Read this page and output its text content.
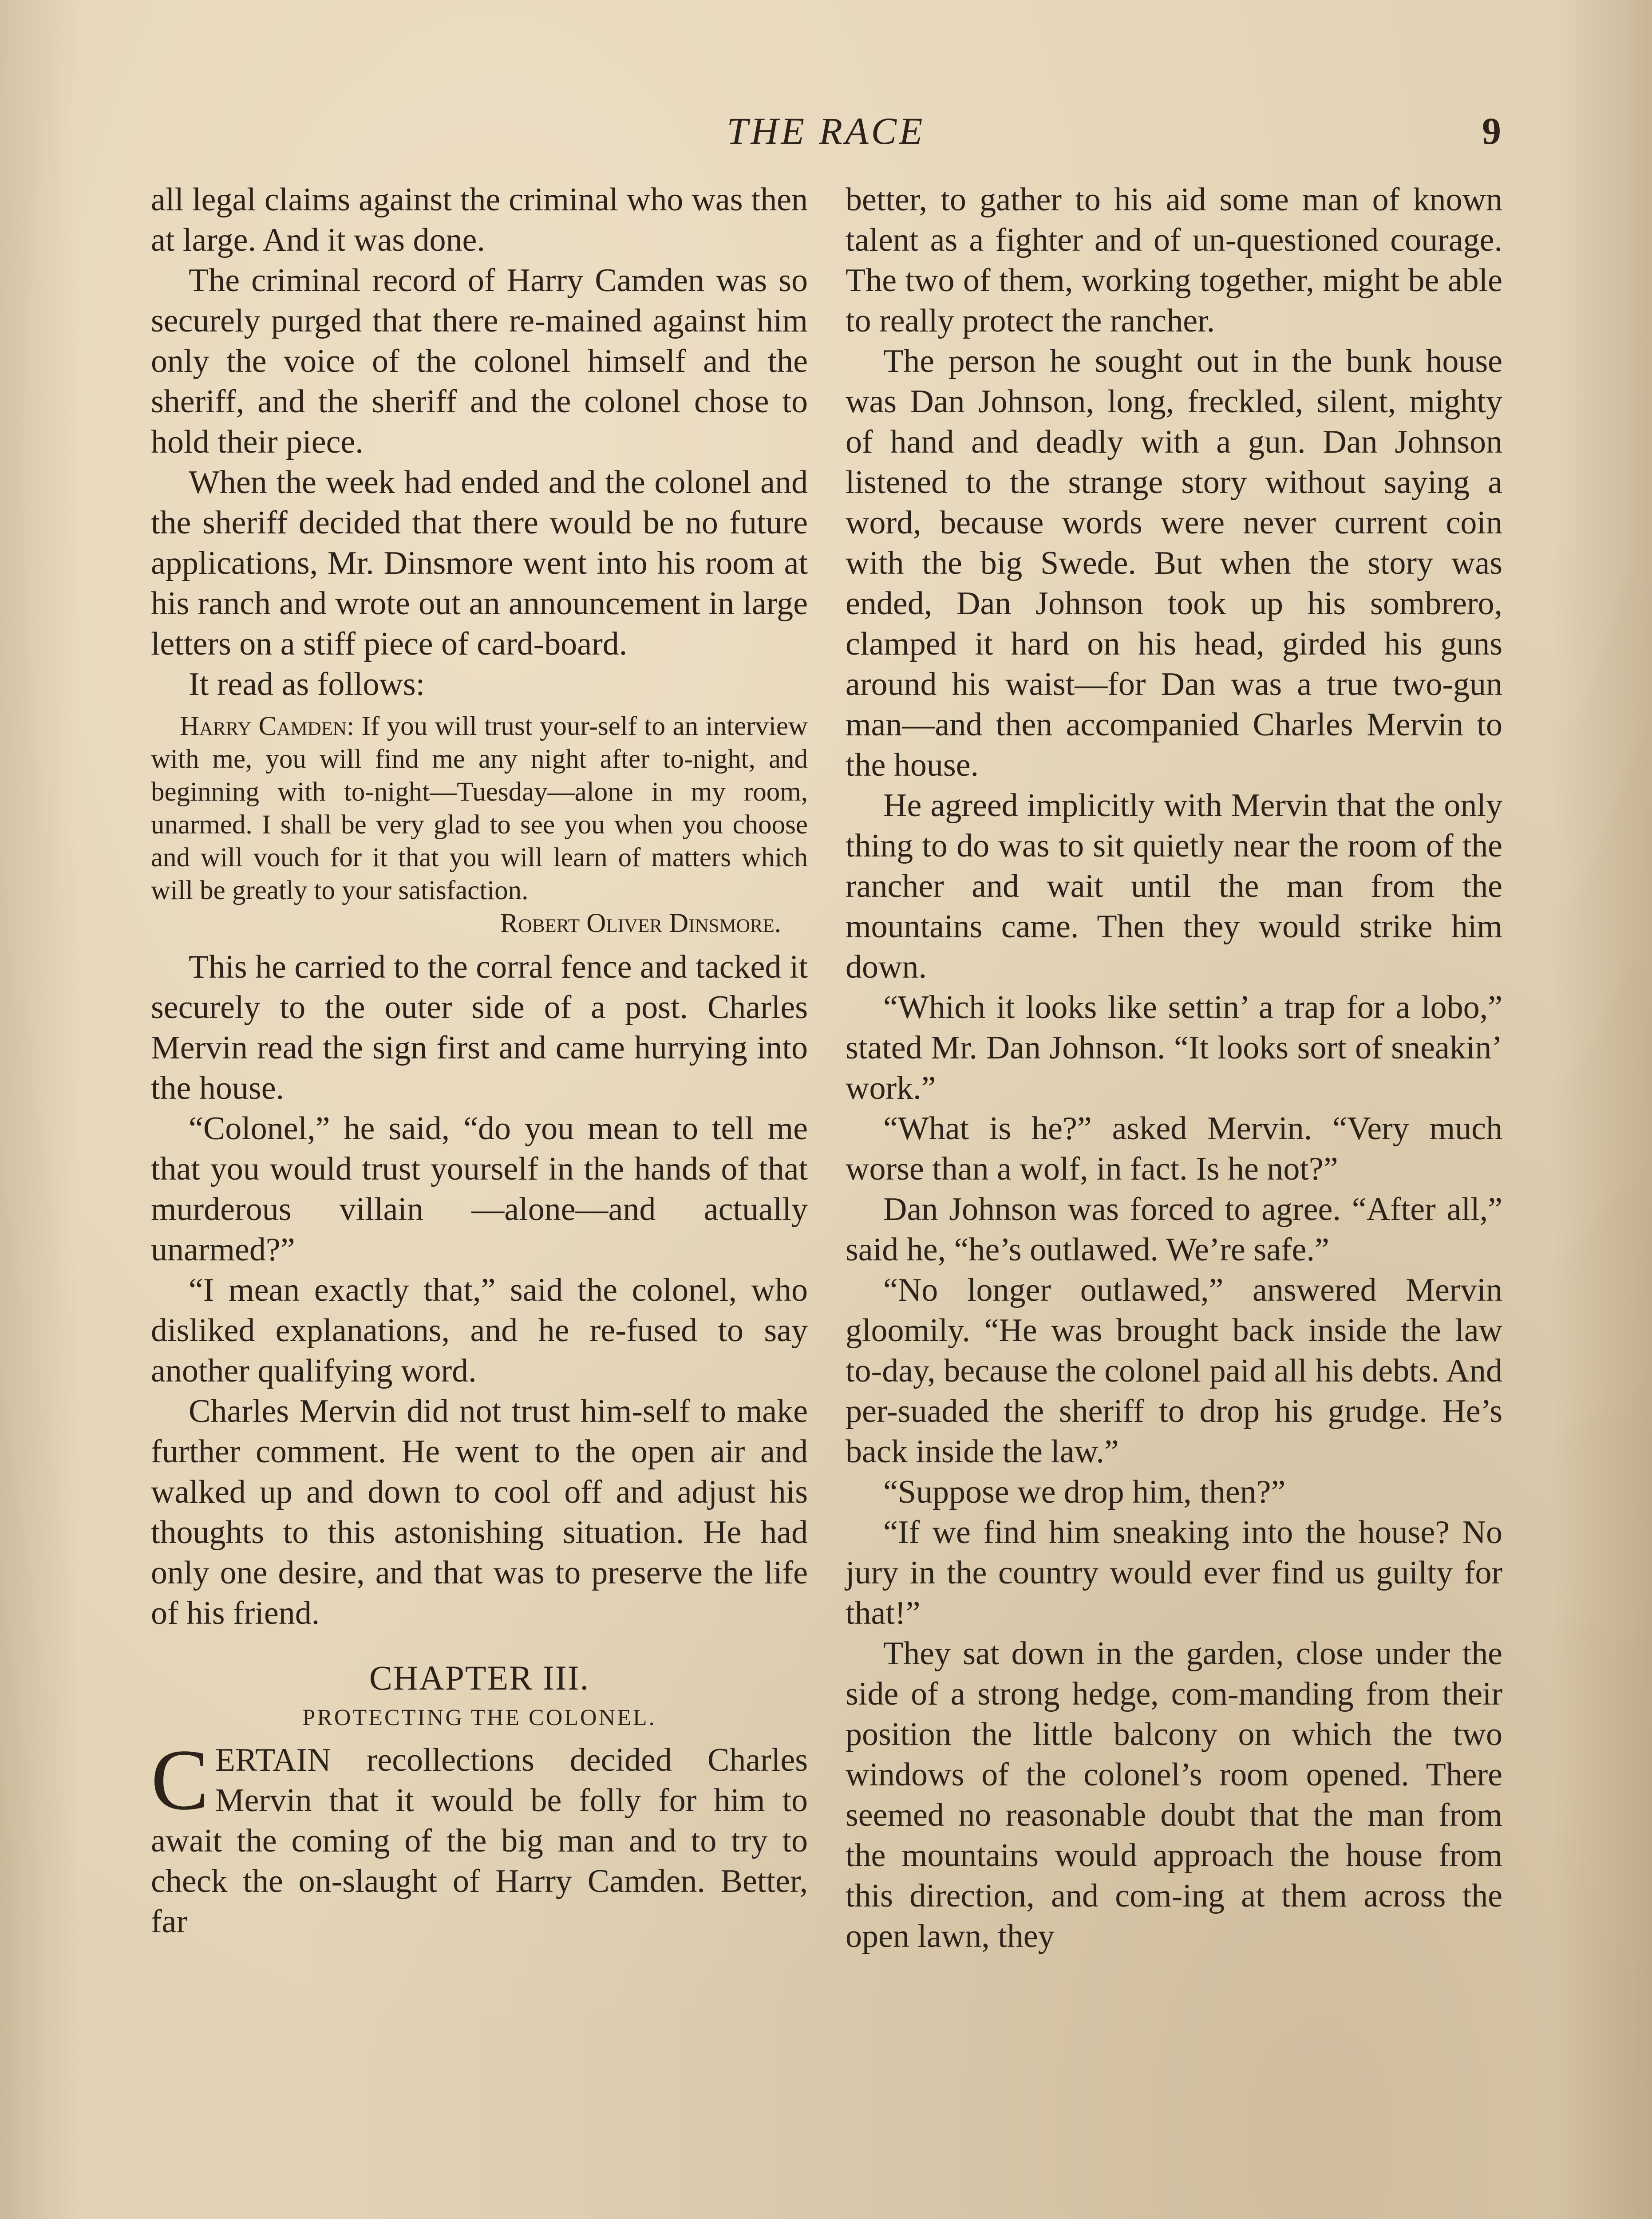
THE RACE	9

all legal claims against the criminal who was then at large. And it was done.

The criminal record of Harry Camden was so securely purged that there re-mained against him only the voice of the colonel himself and the sheriff, and the sheriff and the colonel chose to hold their piece.

When the week had ended and the colonel and the sheriff decided that there would be no future applications, Mr. Dinsmore went into his room at his ranch and wrote out an announcement in large letters on a stiff piece of card-board.

It read as follows:

Harry Camden: If you will trust your-self to an interview with me, you will find me any night after to-night, and beginning with to-night—Tuesday—alone in my room, unarmed. I shall be very glad to see you when you choose and will vouch for it that you will learn of matters which will be greatly to your satisfaction.

Robert Oliver Dinsmore.

This he carried to the corral fence and tacked it securely to the outer side of a post. Charles Mervin read the sign first and came hurrying into the house.

“Colonel,” he said, “do you mean to tell me that you would trust yourself in the hands of that murderous villain —alone—and actually unarmed?”

“I mean exactly that,” said the colonel, who disliked explanations, and he re-fused to say another qualifying word.

Charles Mervin did not trust him-self to make further comment. He went to the open air and walked up and down to cool off and adjust his thoughts to this astonishing situation. He had only one desire, and that was to preserve the life of his friend.

CHAPTER III.
PROTECTING THE COLONEL.

CERTAIN recollections decided Charles Mervin that it would be folly for him to await the coming of the big man and to try to check the on-slaught of Harry Camden. Better, far

better, to gather to his aid some man of known talent as a fighter and of un-questioned courage. The two of them, working together, might be able to really protect the rancher.

The person he sought out in the bunk house was Dan Johnson, long, freckled, silent, mighty of hand and deadly with a gun. Dan Johnson listened to the strange story without saying a word, because words were never current coin with the big Swede. But when the story was ended, Dan Johnson took up his sombrero, clamped it hard on his head, girded his guns around his waist—for Dan was a true two-gun man—and then accompanied Charles Mervin to the house.

He agreed implicitly with Mervin that the only thing to do was to sit quietly near the room of the rancher and wait until the man from the mountains came. Then they would strike him down.

“Which it looks like settin’ a trap for a lobo,” stated Mr. Dan Johnson. “It looks sort of sneakin’ work.”

“What is he?” asked Mervin. “Very much worse than a wolf, in fact. Is he not?”

Dan Johnson was forced to agree. “After all,” said he, “he’s outlawed. We’re safe.”

“No longer outlawed,” answered Mervin gloomily. “He was brought back inside the law to-day, because the colonel paid all his debts. And per-suaded the sheriff to drop his grudge. He’s back inside the law.”

“Suppose we drop him, then?”

“If we find him sneaking into the house? No jury in the country would ever find us guilty for that!”

They sat down in the garden, close under the side of a strong hedge, com-manding from their position the little balcony on which the two windows of the colonel’s room opened. There seemed no reasonable doubt that the man from the mountains would approach the house from this direction, and com-ing at them across the open lawn, they
